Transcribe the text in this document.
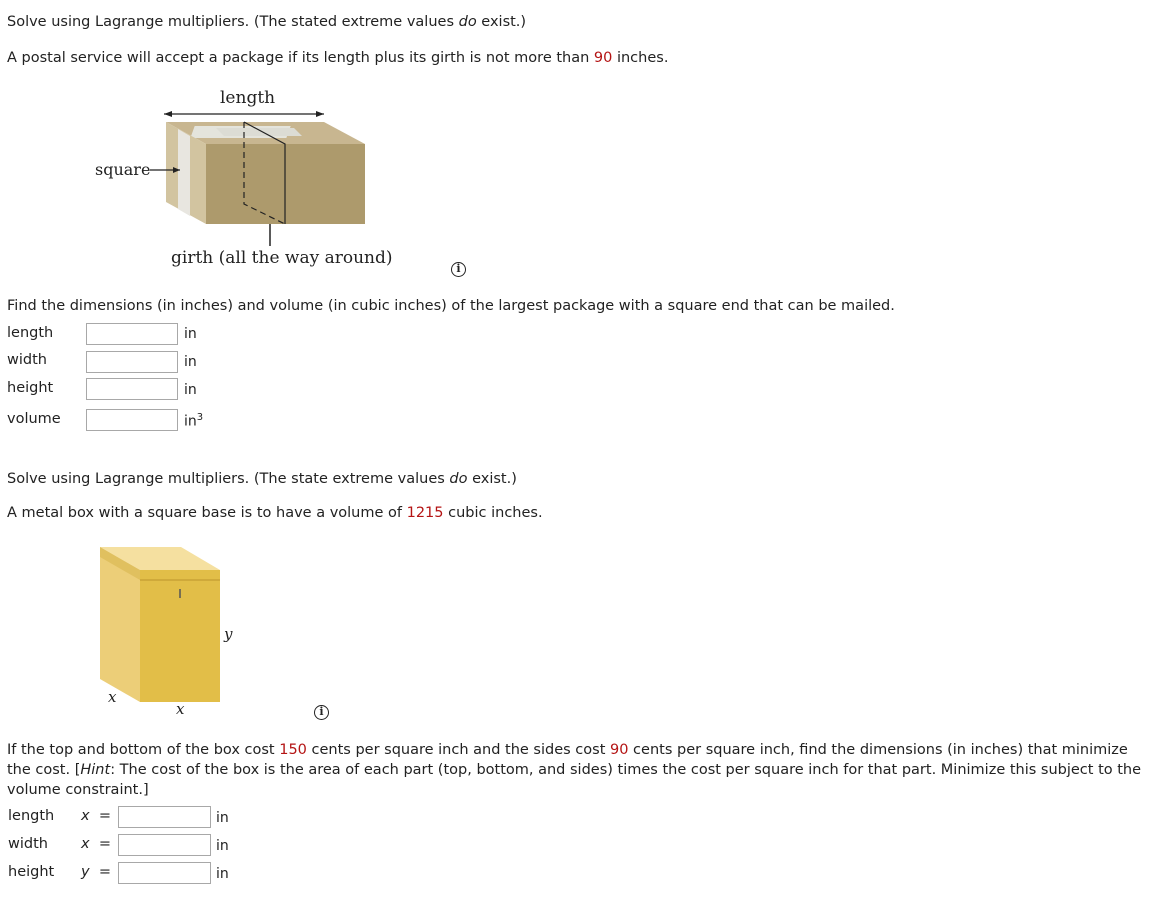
Solve using Lagrange multipliers. (The stated extreme values do exist.)
A postal service will accept a package if its length plus its girth is not more than 90 inches.
length
square
girth (all the way around)
i
Find the dimensions (in inches) and volume (in cubic inches) of the largest package with a square end that can be mailed.
length	in
width	in
height	in
volume	$in^3$
Solve using Lagrange multipliers. (The state extreme values do exist.)
A metal box with a square base is to have a volume of 1215 cubic inches.
y
x
x	i
If the top and bottom of the box cost 150 cents per square inch and the sides cost 90 cents per square inch, find the dimensions (in inches) that minimize the cost. [Hint: The cost of the box is the area of each part (top, bottom, and sides) times the cost per square inch for that part. Minimize this subject to the volume constraint.]
length x =	in
width x =	in
height y =	in
